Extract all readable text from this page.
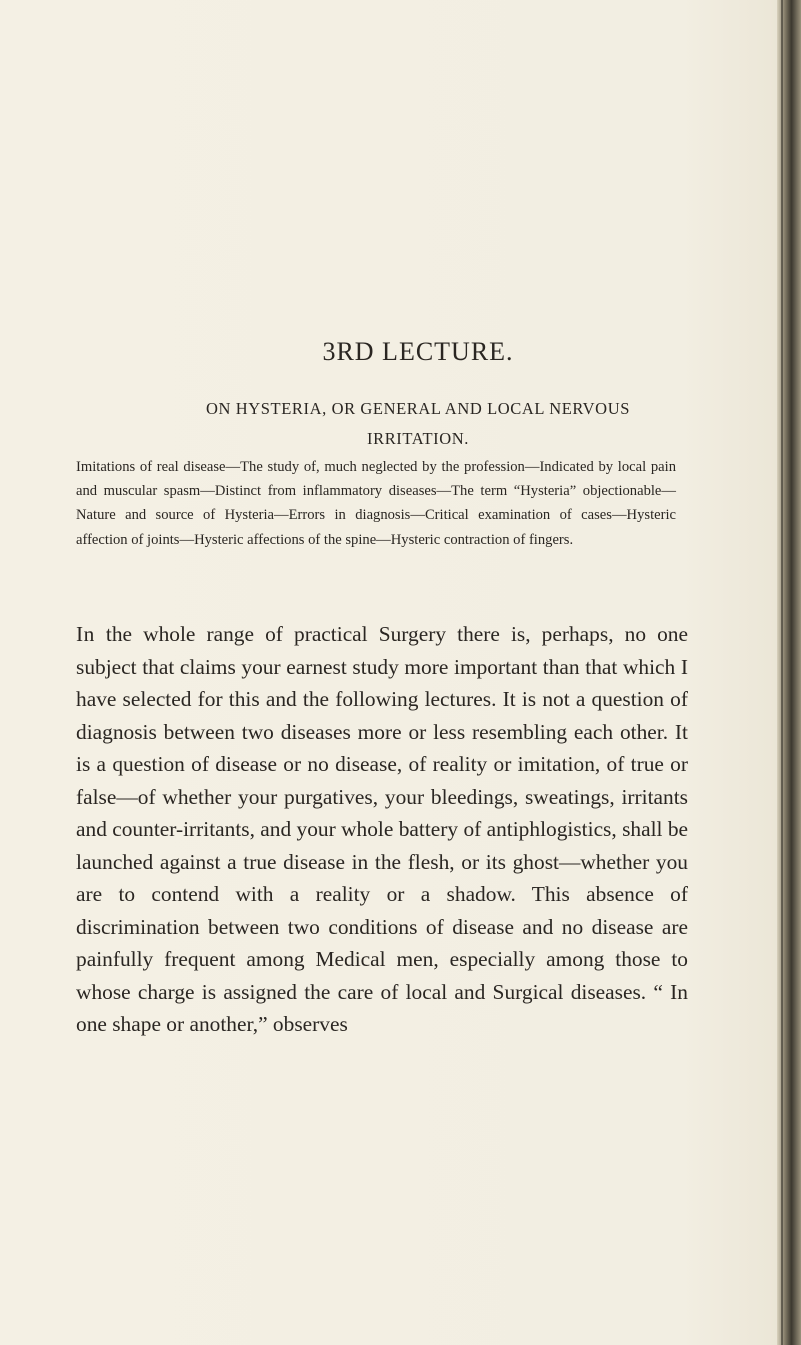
3RD LECTURE.
ON HYSTERIA, OR GENERAL AND LOCAL NERVOUS
IRRITATION.

Imitations of real disease—The study of, much neglected by the profession—Indicated by local pain and muscular spasm—Distinct from inflammatory diseases—The term “Hysteria” objectionable—Nature and source of Hysteria—Errors in diagnosis—Critical examination of cases—Hysteric affection of joints—Hysteric affections of the spine—Hysteric contraction of fingers.

In the whole range of practical Surgery there is, perhaps, no one subject that claims your earnest study more important than that which I have selected for this and the following lectures. It is not a question of diagnosis between two diseases more or less resembling each other. It is a question of disease or no disease, of reality or imitation, of true or false—of whether your purgatives, your bleedings, sweatings, irritants and counter-irritants, and your whole battery of antiphlogistics, shall be launched against a true disease in the flesh, or its ghost—whether you are to contend with a reality or a shadow. This absence of discrimination between two conditions of disease and no disease are painfully frequent among Medical men, especially among those to whose charge is assigned the care of local and Surgical diseases. “ In one shape or another,” observes
